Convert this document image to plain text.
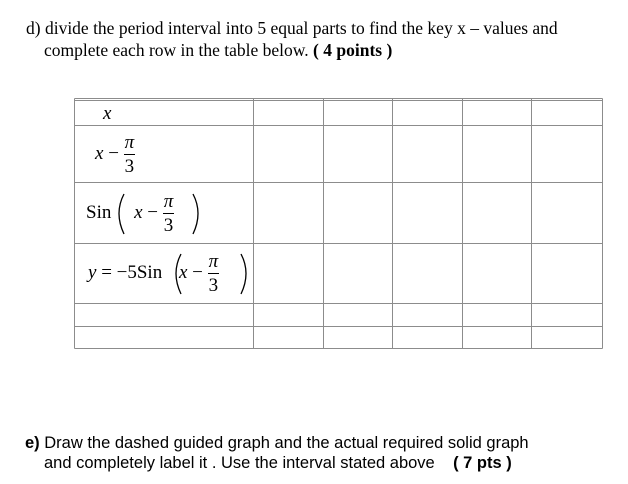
d) divide the period interval into 5 equal parts to find the key x – values and
complete each row in the table below. ( 4 points )
x
$x - \frac{\pi}{3}$
Sin $x - \frac{\pi}{3}$
y = −5Sin $x - \frac{\pi}{3}$
e) Draw the dashed guided graph and the actual required solid graph
and completely label it . Use the interval stated above ( 7 pts )
